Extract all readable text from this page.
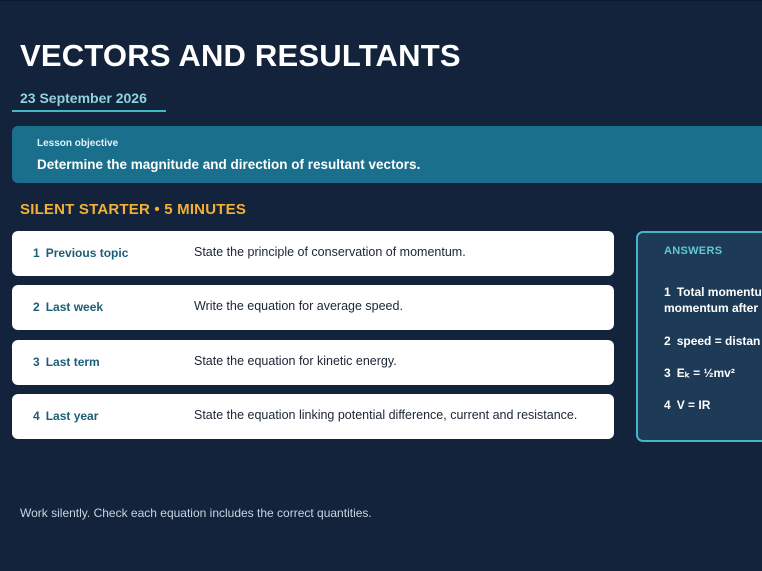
VECTORS AND RESULTANTS
23 September 2026
Lesson objective
Determine the magnitude and direction of resultant vectors.
SILENT STARTER • 5 MINUTES
1 Previous topic	State the principle of conservation of momentum.
2 Last week	Write the equation for average speed.
3 Last term	State the equation for kinetic energy.
4 Last year	State the equation linking potential difference, current and resistance.
ANSWERS
1 Total momentu
momentum after
2 speed = distan
3 Eₖ = ½mv²
4 V = IR
Work silently. Check each equation includes the correct quantities.
